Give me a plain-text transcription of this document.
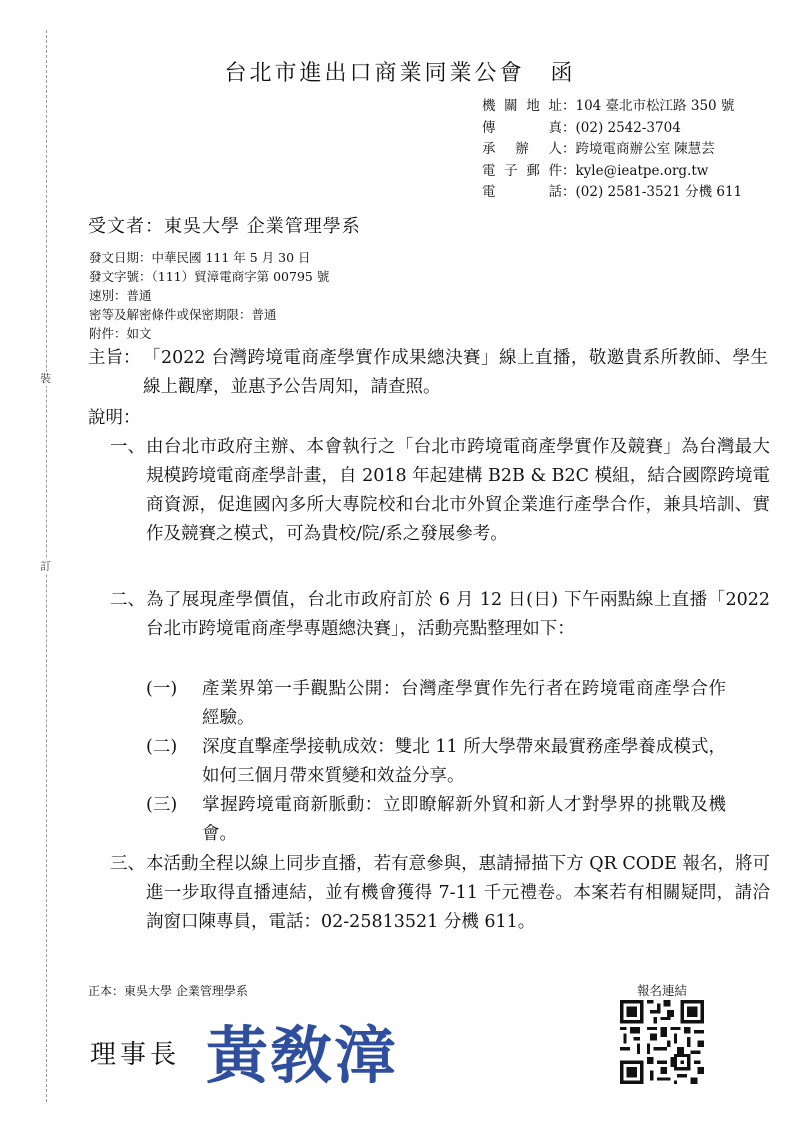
裝
訂
台北市進出口商業同業公會 函
機關地址：104 臺北市松江路 350 號
傳真：(02) 2542-3704
承辦人：跨境電商辦公室 陳慧芸
電子郵件：kyle@ieatpe.org.tw
電話：(02) 2581-3521 分機 611
受文者：東吳大學 企業管理學系
發文日期：中華民國 111 年 5 月 30 日
發文字號：（111）貿漳電商字第 00795 號
速別：普通
密等及解密條件或保密期限：普通
附件：如文
主旨： 「2022 台灣跨境電商產學實作成果總決賽」線上直播，敬邀貴系所教師、學生線上觀摩，並惠予公告周知，請查照。
說明：
一、 由台北市政府主辦、本會執行之「台北市跨境電商產學實作及競賽」為台灣最大規模跨境電商產學計畫，自 2018 年起建構 B2B & B2C 模組，結合國際跨境電商資源，促進國內多所大專院校和台北市外貿企業進行產學合作，兼具培訓、實作及競賽之模式，可為貴校/院/系之發展參考。
二、 為了展現產學價值，台北市政府訂於 6 月 12 日(日) 下午兩點線上直播「2022 台北市跨境電商產學專題總決賽」，活動亮點整理如下：
(一) 產業界第一手觀點公開：台灣產學實作先行者在跨境電商產學合作經驗。
(二) 深度直擊產學接軌成效：雙北 11 所大學帶來最實務產學養成模式，如何三個月帶來質變和效益分享。
(三) 掌握跨境電商新脈動：立即瞭解新外貿和新人才對學界的挑戰及機會。
三、 本活動全程以線上同步直播，若有意參與，惠請掃描下方 QR CODE 報名，將可進一步取得直播連結，並有機會獲得 7-11 千元禮卷。本案若有相關疑問，請洽詢窗口陳專員，電話：02-25813521 分機 611。
正本：東吳大學 企業管理學系	報名連結
理事長 黃敎漳
